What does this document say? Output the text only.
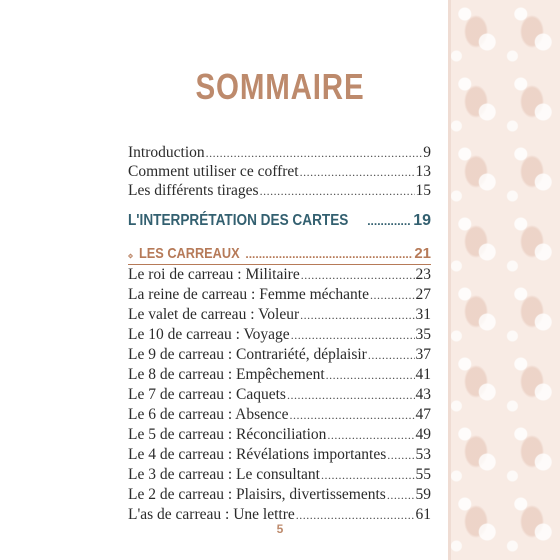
SOMMAIRE
Introduction .....	9
Comment utiliser ce coffret .....	13
Les différents tirages .....	15
L'INTERPRÉTATION DES CARTES .....	19
LES CARREAUX .....	21
Le roi de carreau : Militaire .....	23
La reine de carreau : Femme méchante .....	27
Le valet de carreau : Voleur .....	31
Le 10 de carreau : Voyage .....	35
Le 9 de carreau : Contrariété, déplaisir .....	37
Le 8 de carreau : Empêchement .....	41
Le 7 de carreau : Caquets .....	43
Le 6 de carreau : Absence .....	47
Le 5 de carreau : Réconciliation .....	49
Le 4 de carreau : Révélations importantes ..... 53
Le 3 de carreau : Le consultant .....	55
Le 2 de carreau : Plaisirs, divertissements ..... 59
L'as de carreau : Une lettre .....	61
5
